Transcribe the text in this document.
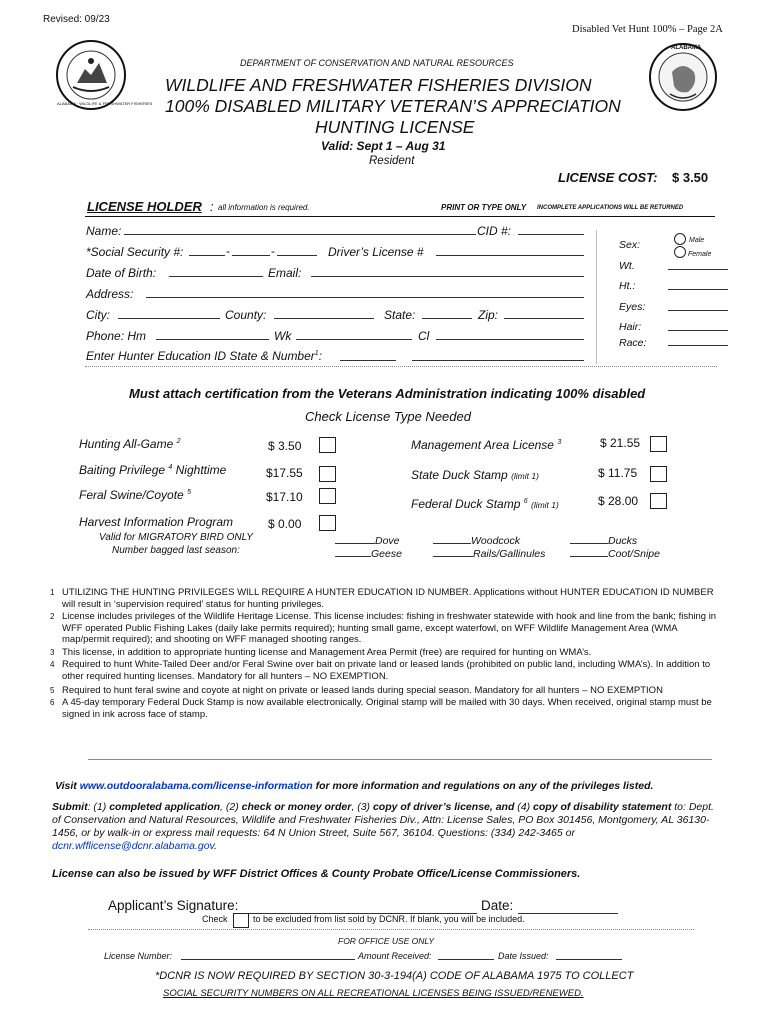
Revised: 09/23
Disabled Vet Hunt 100% – Page 2A
ALABAMA · WILDLIFE & FRESHWATER FISHERIES
ALABAMA
DEPARTMENT OF CONSERVATION AND NATURAL RESOURCES
WILDLIFE AND FRESHWATER FISHERIES DIVISION
100% DISABLED MILITARY VETERAN’S APPRECIATION
HUNTING LICENSE
Valid: Sept 1 – Aug 31
Resident
LICENSE COST: $ 3.50
LICENSE HOLDER : all information is required.	PRINT OR TYPE ONLY INCOMPLETE APPLICATIONS WILL BE RETURNED
Name:	CID #:
*Social Security #:	-	-	Driver’s License #
Date of Birth:	Email:
Address:
City:	County:	State:	Zip:
Phone: Hm	Wk	Cl
Enter Hunter Education ID State & Number$^1$:
Sex:	Male
Female
Wt.
Ht.:
Eyes:
Hair:
Race:
Must attach certification from the Veterans Administration indicating 100% disabled
Check License Type Needed
Hunting All-Game $^2$	$ 3.50
Baiting Privilege $^4$ Nighttime	$17.55
Feral Swine/Coyote $^5$	$17.10
Harvest Information Program	$ 0.00
Valid for MIGRATORY BIRD ONLY
Number bagged last season:
Management Area License $^3$	$ 21.55
State Duck Stamp (limit 1)	$ 11.75
Federal Duck Stamp $^6$ (limit 1)	$ 28.00
Dove
Geese
Woodcock
Rails/Gallinules
Ducks
Coot/Snipe
1 UTILIZING THE HUNTING PRIVILEGES WILL REQUIRE A HUNTER EDUCATION ID NUMBER. Applications without HUNTER EDUCATION ID NUMBER will result in ‘supervision required’ status for hunting privileges.
2 License includes privileges of the Wildlife Heritage License. This license includes: fishing in freshwater statewide with hook and line from the bank; fishing in WFF operated Public Fishing Lakes (daily lake permits required); hunting small game, except waterfowl, on WFF Wildlife Management Area (WMA map/permit required); and shooting on WFF managed shooting ranges.
3 This license, in addition to appropriate hunting license and Management Area Permit (free) are required for hunting on WMA’s.
4 Required to hunt White-Tailed Deer and/or Feral Swine over bait on private land or leased lands (prohibited on public land, including WMA’s). In addition to other required hunting licenses. Mandatory for all hunters – NO EXEMPTION.
5 Required to hunt feral swine and coyote at night on private or leased lands during special season. Mandatory for all hunters – NO EXEMPTION
6 A 45-day temporary Federal Duck Stamp is now available electronically. Original stamp will be mailed with 30 days. When received, original stamp must be signed in ink across face of stamp.
Visit www.outdooralabama.com/license-information for more information and regulations on any of the privileges listed.
Submit: (1) completed application, (2) check or money order, (3) copy of driver’s license, and (4) copy of disability statement to: Dept. of Conservation and Natural Resources, Wildlife and Freshwater Fisheries Div., Attn: License Sales, PO Box 301456, Montgomery, AL 36130-1456, or by walk-in or express mail requests: 64 N Union Street, Suite 567, 36104. Questions: (334) 242-3465 or dcnr.wfflicense@dcnr.alabama.gov.
License can also be issued by WFF District Offices & County Probate Office/License Commissioners.
Applicant’s Signature:	Date:
Check	to be excluded from list sold by DCNR. If blank, you will be included.
FOR OFFICE USE ONLY
License Number:	Amount Received:	Date Issued:
*DCNR IS NOW REQUIRED BY SECTION 30-3-194(A) CODE OF ALABAMA 1975 TO COLLECT
SOCIAL SECURITY NUMBERS ON ALL RECREATIONAL LICENSES BEING ISSUED/RENEWED.
